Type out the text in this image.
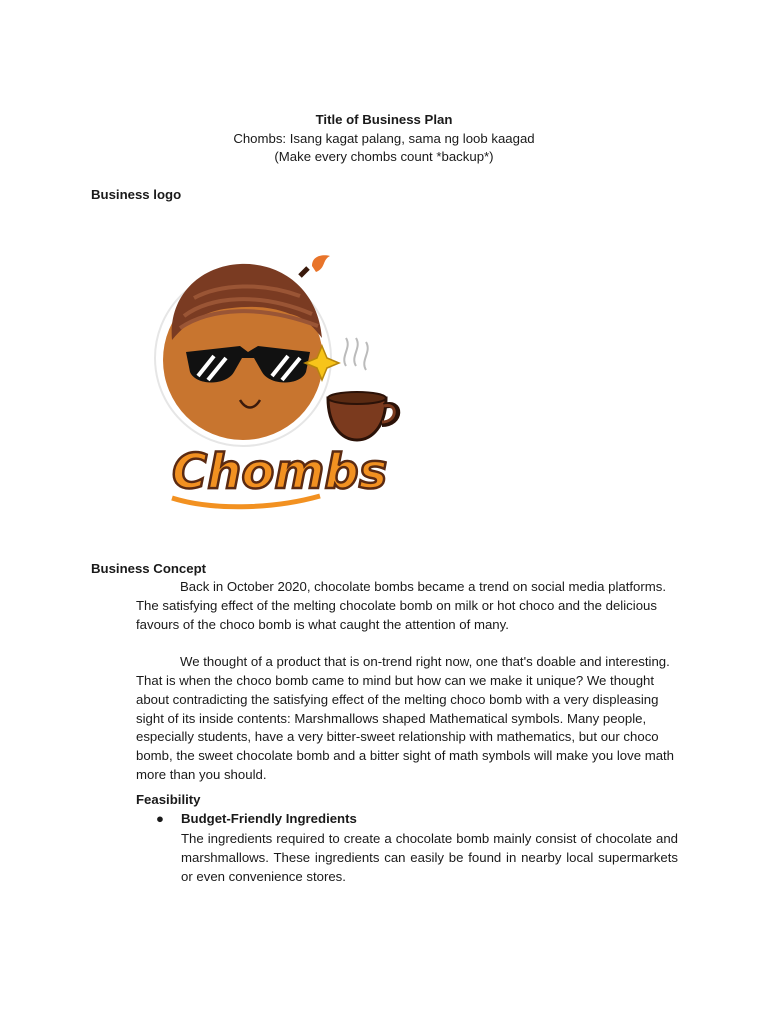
Title of Business Plan
Chombs: Isang kagat palang, sama ng loob kaagad
(Make every chombs count *backup*)
Business logo
Chombs
Business Concept

Back in October 2020, chocolate bombs became a trend on social media platforms. The satisfying effect of the melting chocolate bomb on milk or hot choco and the delicious favours of the choco bomb is what caught the attention of many.

We thought of a product that is on-trend right now, one that's doable and interesting. That is when the choco bomb came to mind but how can we make it unique? We thought about contradicting the satisfying effect of the melting choco bomb with a very displeasing sight of its inside contents: Marshmallows shaped Mathematical symbols. Many people, especially students, have a very bitter-sweet relationship with mathematics, but our choco bomb, the sweet chocolate bomb and a bitter sight of math symbols will make you love math more than you should.

Feasibility
● Budget-Friendly Ingredients

The ingredients required to create a chocolate bomb mainly consist of chocolate and marshmallows. These ingredients can easily be found in nearby local supermarkets or even convenience stores.
